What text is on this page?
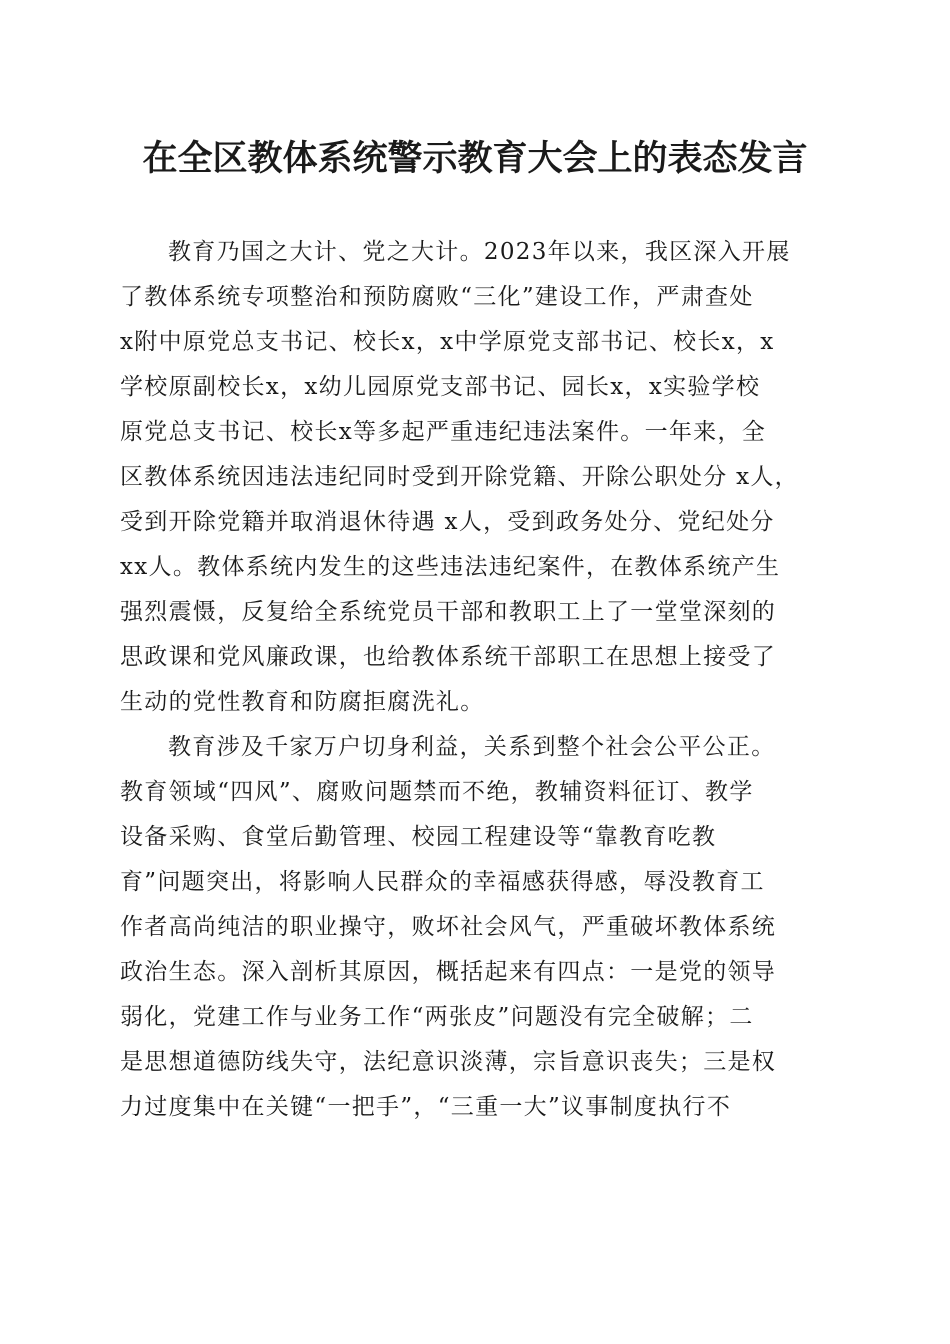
在全区教体系统警示教育大会上的表态发言
教育乃国之大计、党之大计。2023年以来，我区深入开展
了教体系统专项整治和预防腐败“三化”建设工作，严肃查处
x附中原党总支书记、校长x，x中学原党支部书记、校长x，x
学校原副校长x，x幼儿园原党支部书记、园长x，x实验学校
原党总支书记、校长x等多起严重违纪违法案件。一年来，全
区教体系统因违法违纪同时受到开除党籍、开除公职处分 x人，
受到开除党籍并取消退休待遇 x人，受到政务处分、党纪处分
xx人。教体系统内发生的这些违法违纪案件，在教体系统产生
强烈震慑，反复给全系统党员干部和教职工上了一堂堂深刻的
思政课和党风廉政课，也给教体系统干部职工在思想上接受了
生动的党性教育和防腐拒腐洗礼。
教育涉及千家万户切身利益，关系到整个社会公平公正。
教育领域“四风”、腐败问题禁而不绝，教辅资料征订、教学
设备采购、食堂后勤管理、校园工程建设等“靠教育吃教
育”问题突出，将影响人民群众的幸福感获得感，辱没教育工
作者高尚纯洁的职业操守，败坏社会风气，严重破坏教体系统
政治生态。深入剖析其原因，概括起来有四点：一是党的领导
弱化，党建工作与业务工作“两张皮”问题没有完全破解；二
是思想道德防线失守，法纪意识淡薄，宗旨意识丧失；三是权
力过度集中在关键“一把手”，“三重一大”议事制度执行不
